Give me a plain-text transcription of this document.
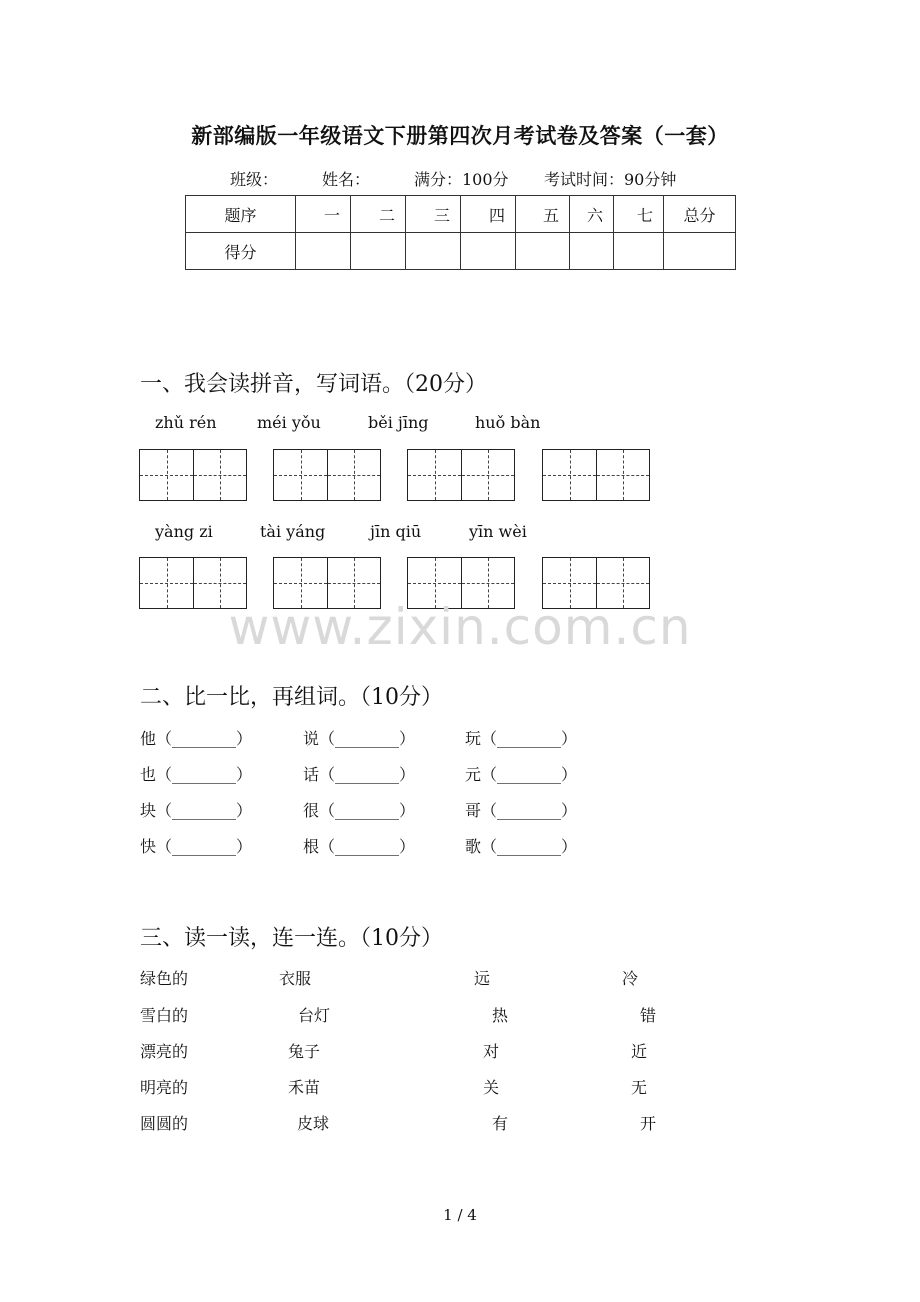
新部编版一年级语文下册第四次月考试卷及答案（一套）
班级：	姓名：	满分：100分 考试时间：90分钟
题序	一	二	三	四	五	六	七	总分
得分								
一、我会读拼音，写词语。（20分）
zhǔ rén	méi yǒu	běi jīng	huǒ bàn
yàng zi	tài yáng	jīn qiū	yīn wèi
www.zixin.com.cn
二、比一比，再组词。（10分）
他（________）	说（________）	玩（________）
也（________）	话（________）	元（________）
块（________）	很（________）	哥（________）
快（________）	根（________）	歌（________）
三、读一读，连一连。（10分）
绿色的	衣服	远	冷
雪白的	台灯	热	错
漂亮的	兔子	对	近
明亮的	禾苗	关	无
圆圆的	皮球	有	开
1 / 4
